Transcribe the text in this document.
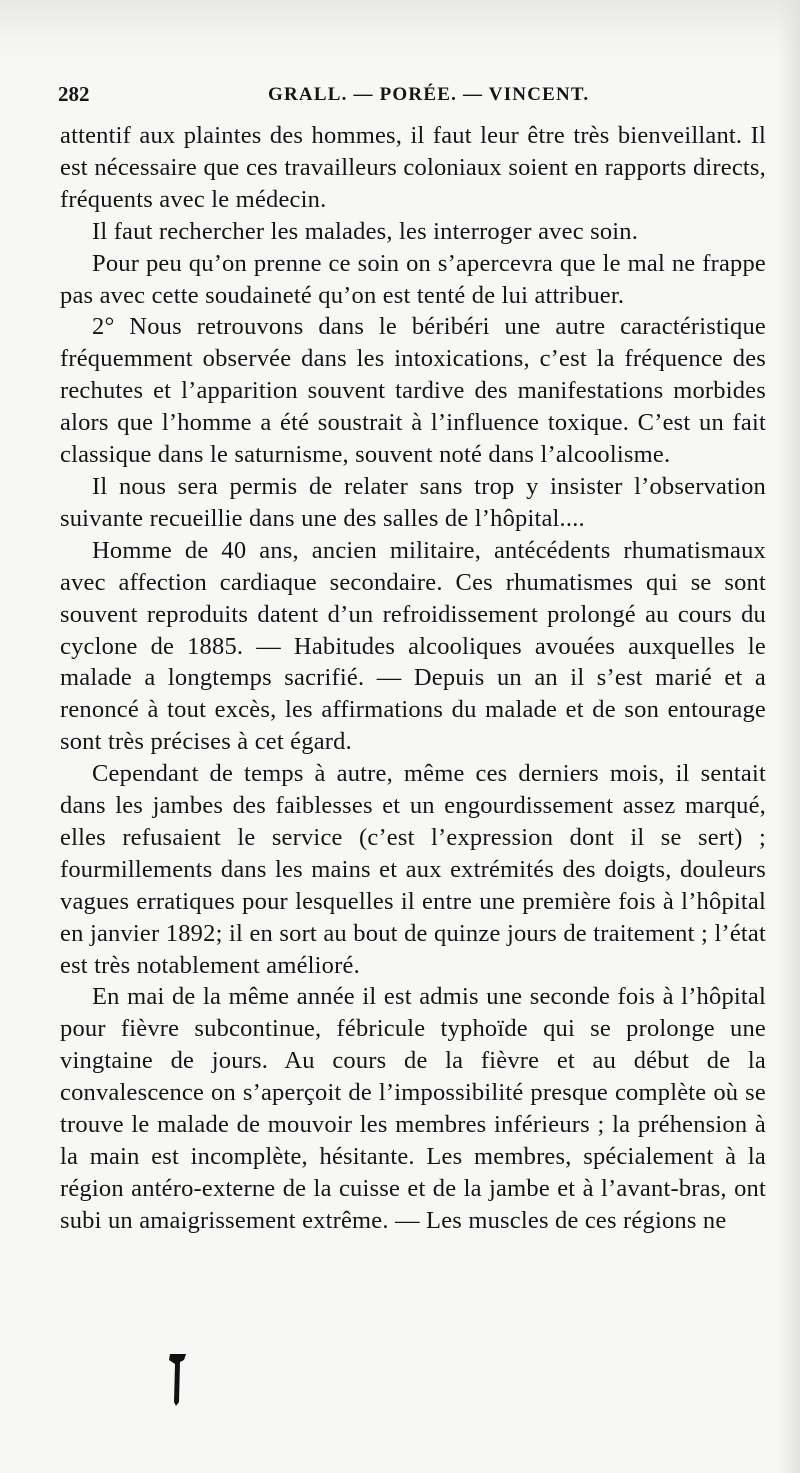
282	GRALL. — PORÉE. — VINCENT.

attentif aux plaintes des hommes, il faut leur être très bienveillant. Il est nécessaire que ces travailleurs coloniaux soient en rapports directs, fréquents avec le médecin.

Il faut rechercher les malades, les interroger avec soin.

Pour peu qu’on prenne ce soin on s’apercevra que le mal ne frappe pas avec cette soudaineté qu’on est tenté de lui attribuer.

2° Nous retrouvons dans le béribéri une autre caractéristique fréquemment observée dans les intoxications, c’est la fréquence des rechutes et l’apparition souvent tardive des manifestations morbides alors que l’homme a été soustrait à l’influence toxique. C’est un fait classique dans le saturnisme, souvent noté dans l’alcoolisme.

Il nous sera permis de relater sans trop y insister l’observation suivante recueillie dans une des salles de l’hôpital....

Homme de 40 ans, ancien militaire, antécédents rhumatismaux avec affection cardiaque secondaire. Ces rhumatismes qui se sont souvent reproduits datent d’un refroidissement prolongé au cours du cyclone de 1885. — Habitudes alcooliques avouées auxquelles le malade a longtemps sacrifié. — Depuis un an il s’est marié et a renoncé à tout excès, les affirmations du malade et de son entourage sont très précises à cet égard.

Cependant de temps à autre, même ces derniers mois, il sentait dans les jambes des faiblesses et un engourdissement assez marqué, elles refusaient le service (c’est l’expression dont il se sert) ; fourmillements dans les mains et aux extrémités des doigts, douleurs vagues erratiques pour lesquelles il entre une première fois à l’hôpital en janvier 1892; il en sort au bout de quinze jours de traitement ; l’état est très notablement amélioré.

En mai de la même année il est admis une seconde fois à l’hôpital pour fièvre subcontinue, fébricule typhoïde qui se prolonge une vingtaine de jours. Au cours de la fièvre et au début de la convalescence on s’aperçoit de l’impossibilité presque complète où se trouve le malade de mouvoir les membres inférieurs ; la préhension à la main est incomplète, hésitante. Les membres, spécialement à la région antéro-externe de la cuisse et de la jambe et à l’avant-bras, ont subi un amaigrissement extrême. — Les muscles de ces régions ne
